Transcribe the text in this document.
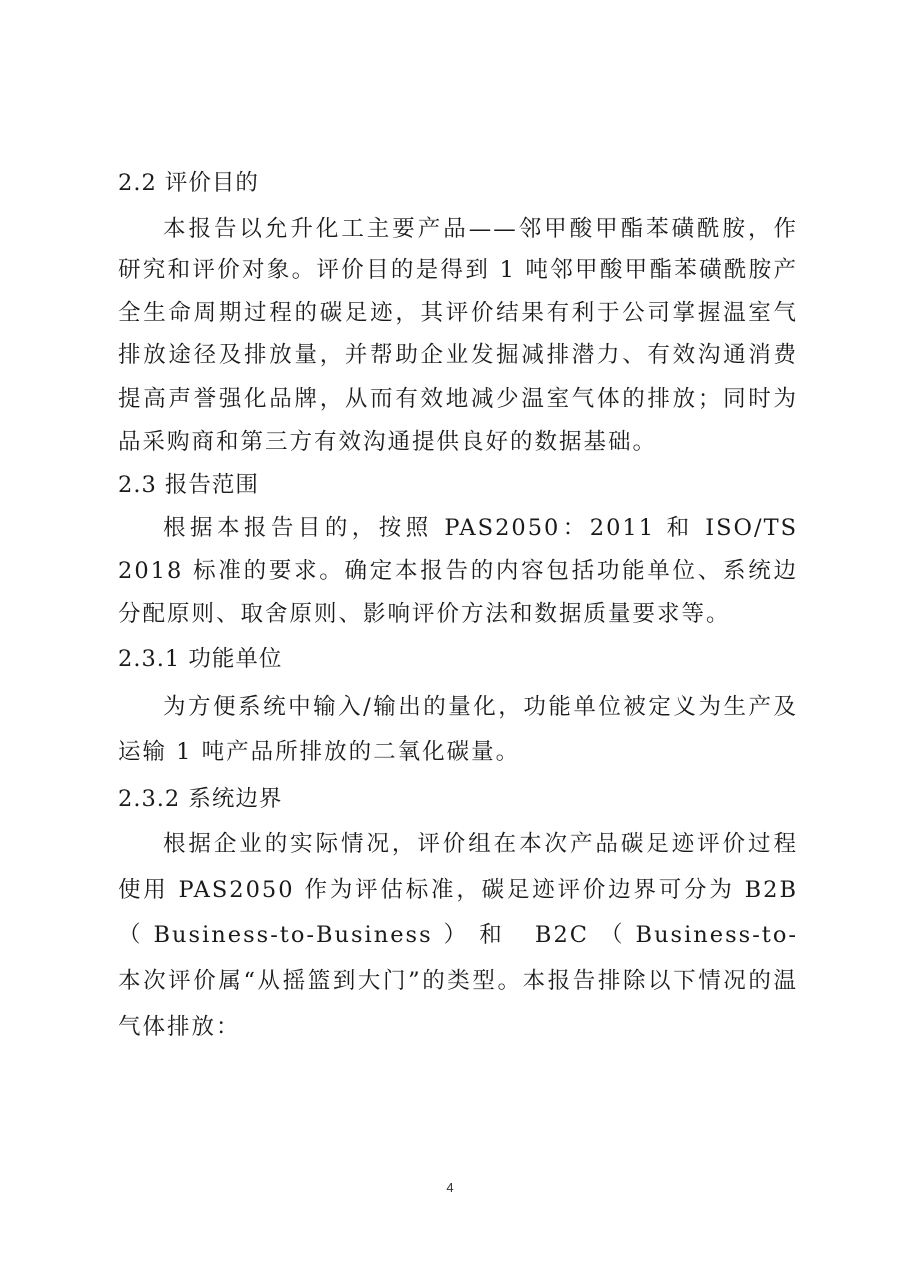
2.2 评价目的
本报告以允升化工主要产品——邻甲酸甲酯苯磺酰胺，作
研究和评价对象。评价目的是得到 1 吨邻甲酸甲酯苯磺酰胺产
全生命周期过程的碳足迹，其评价结果有利于公司掌握温室气
排放途径及排放量，并帮助企业发掘减排潜力、有效沟通消费
提高声誉强化品牌，从而有效地减少温室气体的排放；同时为
品采购商和第三方有效沟通提供良好的数据基础。
2.3 报告范围
根据本报告目的，按照 PAS2050：2011 和 ISO/TS
2018 标准的要求。确定本报告的内容包括功能单位、系统边
分配原则、取舍原则、影响评价方法和数据质量要求等。
2.3.1 功能单位
为方便系统中输入/输出的量化，功能单位被定义为生产及
运输 1 吨产品所排放的二氧化碳量。
2.3.2 系统边界
根据企业的实际情况，评价组在本次产品碳足迹评价过程
使用 PAS2050 作为评估标准，碳足迹评价边界可分为 B2B
（Business-to-Business）和 B2C（Business-to-
本次评价属“从摇篮到大门”的类型。本报告排除以下情况的温
气体排放：
4
